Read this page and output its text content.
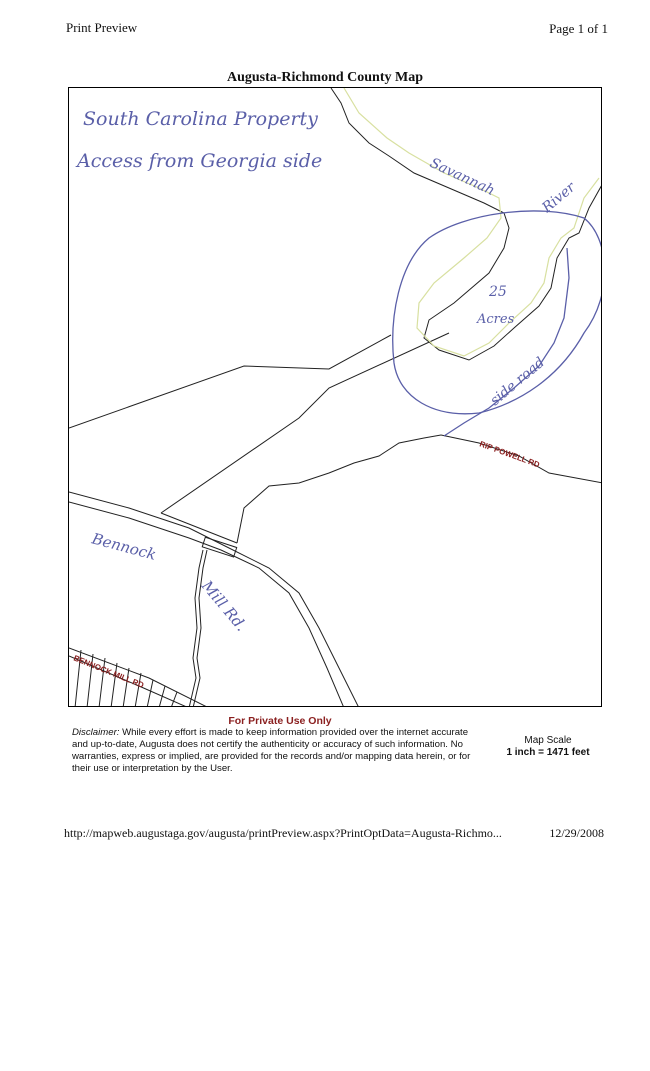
Print Preview	Page 1 of 1
Augusta-Richmond County Map
South Carolina Property
Access from Georgia side	Savannah	River
25
Acres
side road
Bennock
Mill Rd.
RIP POWELL RD
BENNOCK MILL RD
For Private Use Only
Disclaimer: While every effort is made to keep information provided over the internet accurate and up-to-date, Augusta does not certify the authenticity or accuracy of such information. No warranties, express or implied, are provided for the records and/or mapping data herein, or for their use or interpretation by the User.
Map Scale
1 inch = 1471 feet
http://mapweb.augustaga.gov/augusta/printPreview.aspx?PrintOptData=Augusta-Richmo...	12/29/2008
